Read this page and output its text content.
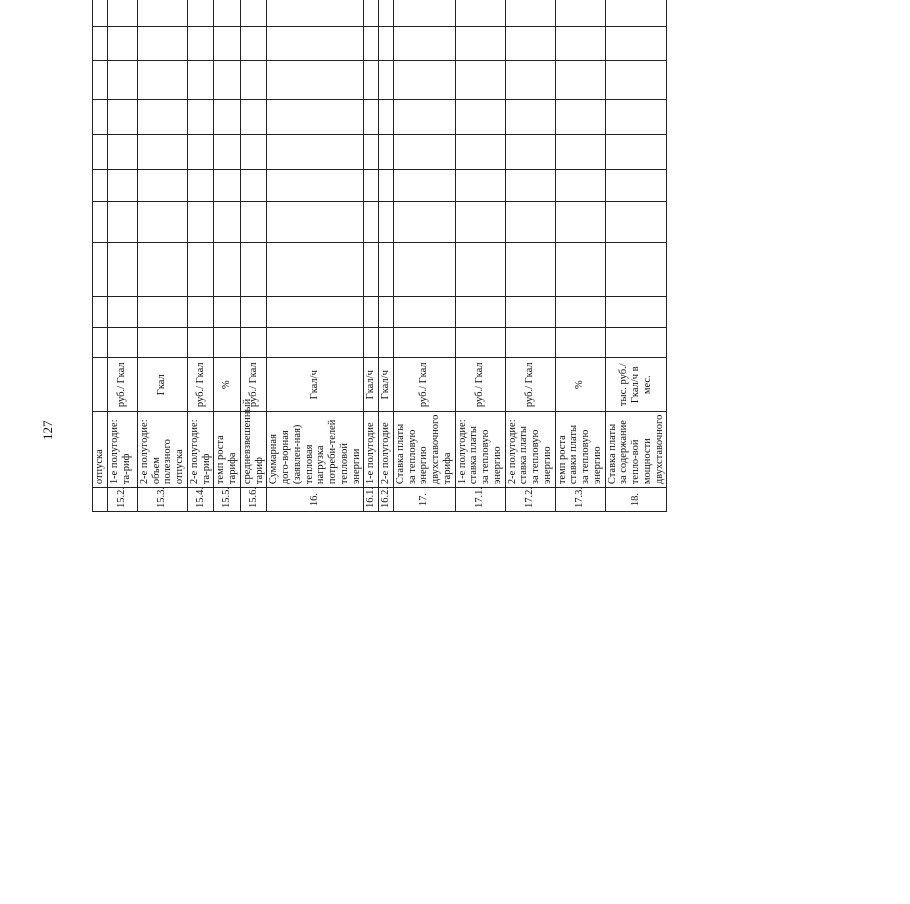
127
	отпуска																			
15.2.	1-е полугодие: та-риф	руб./ Гкал																		
15.3.	2-е полугодие: объем полезного отпуска	Гкал																		
15.4.	2-е полугодие: та-риф	руб./ Гкал																		
15.5.	темп роста тарифа	%																		
15.6.	средневзвешенный тариф	руб./ Гкал																		
16.	Суммарная дого-ворная (заявлен-ная) тепловая нагрузка потреби-телей тепловой энергии	Гкал/ч																		
16.1.	1-е полугодие	Гкал/ч																		
16.2.	2-е полугодие	Гкал/ч																		
17.	Ставка платы за тепловую энергию двухставочного тарифа	руб./ Гкал																		
17.1.	1-е полугодие: ставка платы за тепловую энергию	руб./ Гкал																		
17.2.	2-е полугодие: ставка платы за тепловую энергию	руб./ Гкал																		
17.3.	темп роста ставки платы за тепловую энергию	%																		
18.	Ставка платы за содержание тепло-вой мощности двухставочного	тыс. руб./ Гкал/ч в мес.																		
